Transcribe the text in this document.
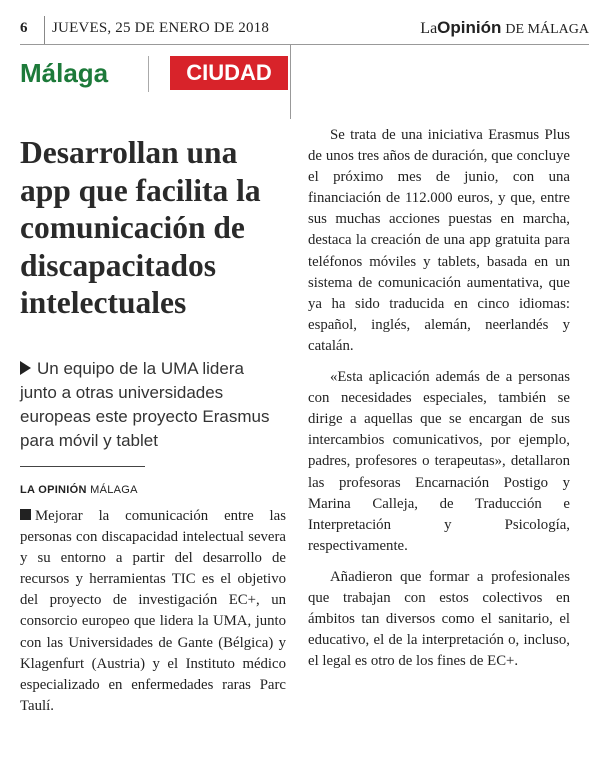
6 JUEVES, 25 DE ENERO DE 2018	LaOpinión DE MÁLAGA
Málaga	CIUDAD
Desarrollan una app que facilita la comunicación de discapacitados intelectuales
Un equipo de la UMA lidera junto a otras universidades europeas este proyecto Erasmus para móvil y tablet
LA OPINIÓN MÁLAGA

Mejorar la comunicación entre las personas con discapacidad intelectual severa y su entorno a partir del desarrollo de recursos y herramientas TIC es el objetivo del proyecto de investigación EC+, un consorcio europeo que lidera la UMA, junto con las Universidades de Gante (Bélgica) y Klagenfurt (Austria) y el Instituto médico especializado en enfermedades raras Parc Taulí.

Se trata de una iniciativa Erasmus Plus de unos tres años de duración, que concluye el próximo mes de junio, con una financiación de 112.000 euros, y que, entre sus muchas acciones puestas en marcha, destaca la creación de una app gratuita para teléfonos móviles y tablets, basada en un sistema de comunicación aumentativa, que ya ha sido traducida en cinco idiomas: español, inglés, alemán, neerlandés y catalán.

«Esta aplicación además de a personas con necesidades especiales, también se dirige a aquellas que se encargan de sus intercambios comunicativos, por ejemplo, padres, profesores o terapeutas», detallaron las profesoras Encarnación Postigo y Marina Calleja, de Traducción e Interpretación y Psicología, respectivamente.

Añadieron que formar a profesionales que trabajan con estos colectivos en ámbitos tan diversos como el sanitario, el educativo, el de la interpretación o, incluso, el legal es otro de los fines de EC+.
